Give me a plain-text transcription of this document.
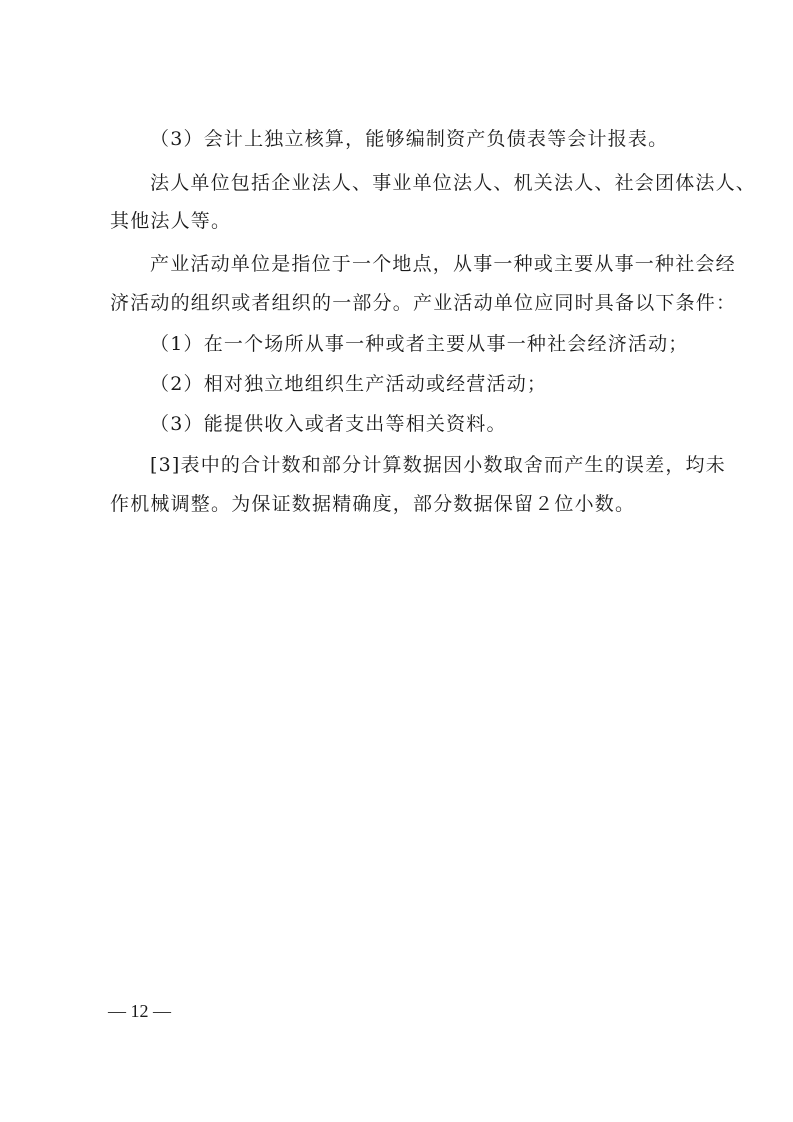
（3）会计上独立核算，能够编制资产负债表等会计报表。
法人单位包括企业法人、事业单位法人、机关法人、社会团体法人、
其他法人等。
产业活动单位是指位于一个地点，从事一种或主要从事一种社会经
济活动的组织或者组织的一部分。产业活动单位应同时具备以下条件：
（1）在一个场所从事一种或者主要从事一种社会经济活动；
（2）相对独立地组织生产活动或经营活动；
（3）能提供收入或者支出等相关资料。
[3]表中的合计数和部分计算数据因小数取舍而产生的误差，均未
作机械调整。为保证数据精确度，部分数据保留２位小数。
— 12 —
